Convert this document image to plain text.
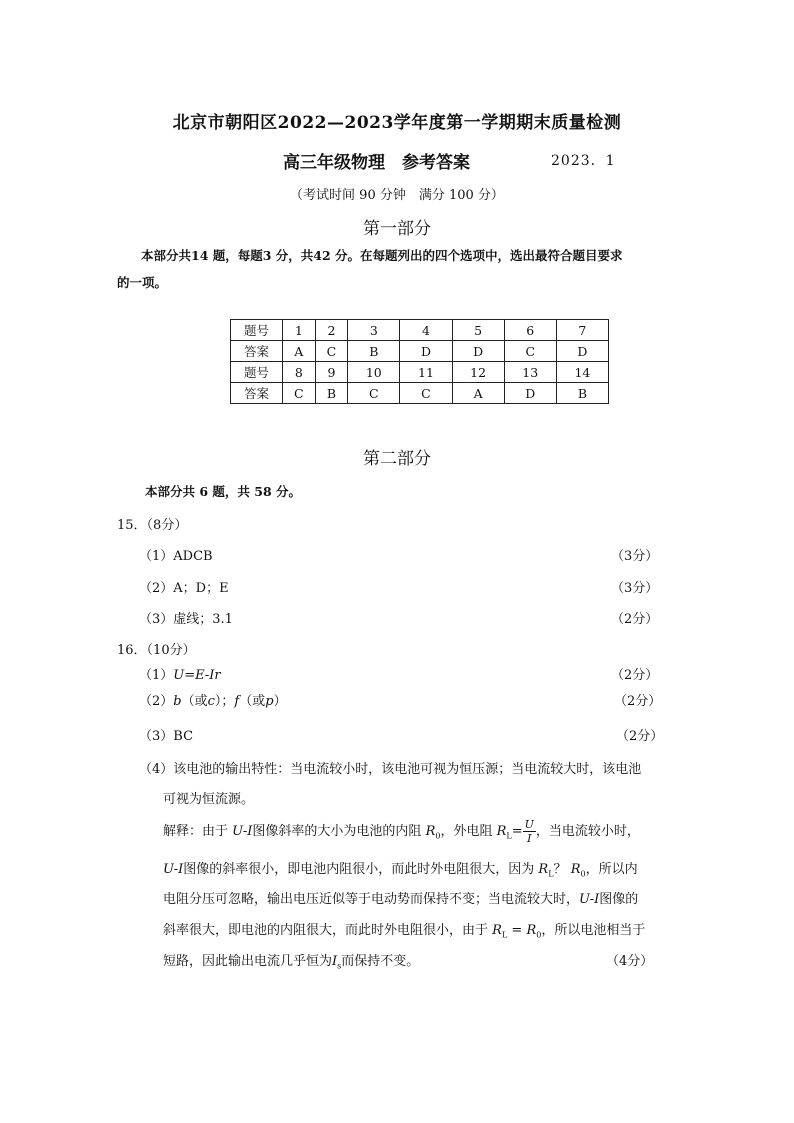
北京市朝阳区2022—2023学年度第一学期期末质量检测
高三年级物理　参考答案	2023．1
（考试时间 90 分钟　满分 100 分）
第一部分
本部分共14 题，每题3 分，共42 分。在每题列出的四个选项中，选出最符合题目要求
的一项。
题号	1	2	3	4	5	6	7
答案	A	C	B	D	D	C	D
题号	8	9	10	11	12	13	14
答案	C	B	C	C	A	D	B
第二部分
本部分共 6 题，共 58 分。
15．（8分）
（1）ADCB	（3分）
（2）A；D；E	（3分）
（3）虚线；3.1	（2分）
16．（10分）
（1）U=E-Ir	（2分）
（2）b（或c）；f（或p）	（2分）
（3）BC	（2分）
（4）该电池的输出特性：当电流较小时，该电池可视为恒压源；当电流较大时，该电池
可视为恒流源。
解释：由于 U-I图像斜率的大小为电池的内阻 $R_0$，外电阻 $R_L= \frac{U}{I}$ ，当电流较小时，
U-I图像的斜率很小，即电池内阻很小，而此时外电阻很大，因为 $R_L$？ $R_0$，所以内
电阻分压可忽略，输出电压近似等于电动势而保持不变；当电流较大时，U-I图像的
斜率很大，即电池的内阻很大，而此时外电阻很小，由于 $R_L = R_0$，所以电池相当于
短路，因此输出电流几乎恒为$I_s$而保持不变。	（4分）
